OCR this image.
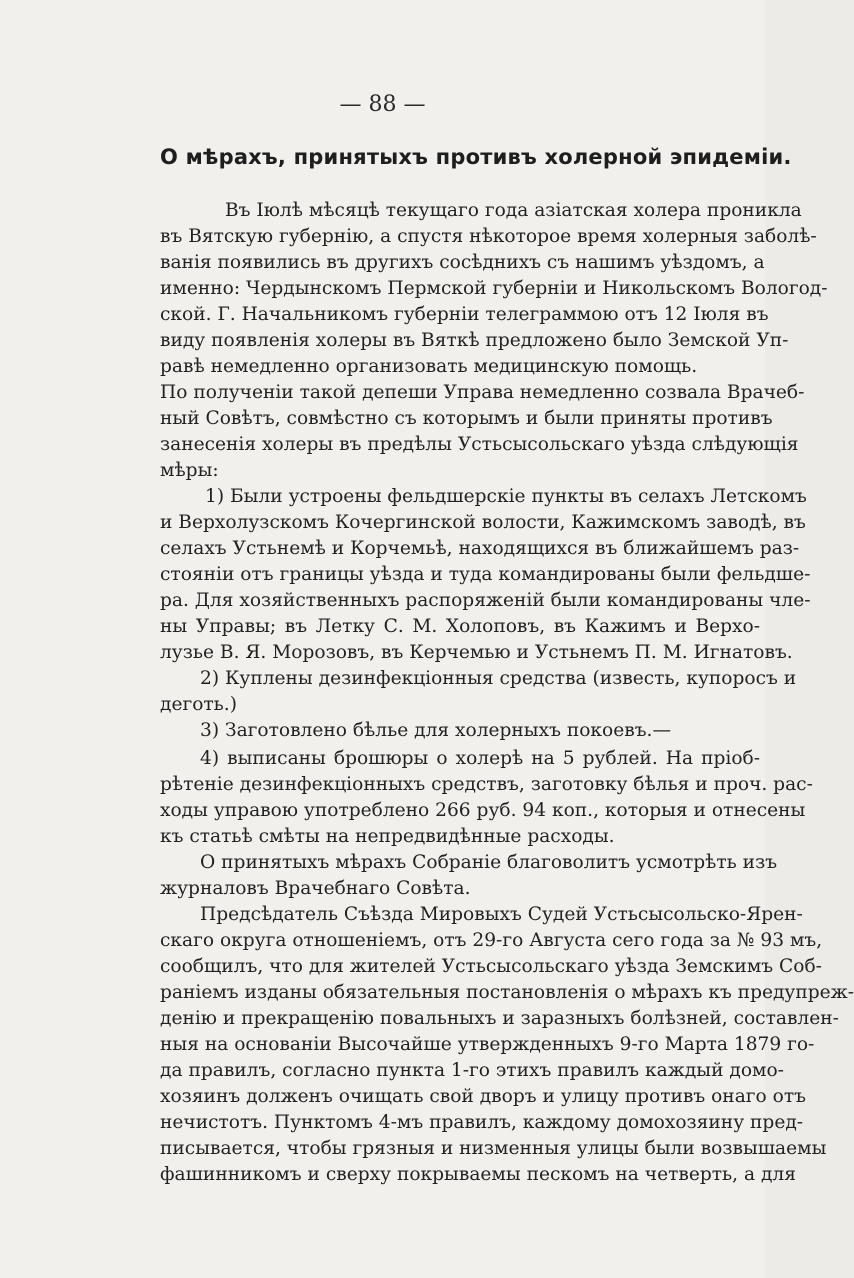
— 88 —
О мѣрахъ, принятыхъ противъ холерной эпидеміи.
Въ Іюлѣ мѣсяцѣ текущаго года азіатская холера проникла
въ Вятскую губернію, а спустя нѣкоторое время холерныя заболѣ-
ванія появились въ другихъ сосѣднихъ съ нашимъ уѣздомъ, а
именно: Чердынскомъ Пермской губерніи и Никольскомъ Вологод-
ской. Г. Начальникомъ губерніи телеграммою отъ 12 Іюля въ
виду появленія холеры въ Вяткѣ предложено было Земской Уп-
равѣ немедленно организовать медицинскую помощь.
По полученіи такой депеши Управа немедленно созвала Врачеб-
ный Совѣтъ, совмѣстно съ которымъ и были приняты противъ
занесенія холеры въ предѣлы Устьсысольскаго уѣзда слѣдующія
мѣры:
1) Были устроены фельдшерскіе пункты въ селахъ Летскомъ
и Верхолузскомъ Кочергинской волости, Кажимскомъ заводѣ, въ
селахъ Устьнемѣ и Корчемьѣ, находящихся въ ближайшемъ раз-
стояніи отъ границы уѣзда и туда командированы были фельдше-
ра. Для хозяйственныхъ распоряженій были командированы чле-
ны Управы; въ Летку С. М. Холоповъ, въ Кажимъ и Верхо-
лузье В. Я. Морозовъ, въ Керчемью и Устьнемъ П. М. Игнатовъ.
2) Куплены дезинфекціонныя средства (известь, купоросъ и
деготь.)
3) Заготовлено бѣлье для холерныхъ покоевъ.—
4) выписаны брошюры о холерѣ на 5 рублей. На пріоб-
рѣтеніе дезинфекціонныхъ средствъ, заготовку бѣлья и проч. рас-
ходы управою употреблено 266 руб. 94 коп., которыя и отнесены
къ статьѣ смѣты на непредвидѣнные расходы.
О принятыхъ мѣрахъ Собраніе благоволитъ усмотрѣть изъ
журналовъ Врачебнаго Совѣта.
Предсѣдатель Съѣзда Мировыхъ Судей Устьсысольско-Ярен-
скаго округа отношеніемъ, отъ 29-го Августа сего года за № 93 мъ,
сообщилъ, что для жителей Устьсысольскаго уѣзда Земскимъ Соб-
раніемъ изданы обязательныя постановленія о мѣрахъ къ предупреж-
денію и прекращенію повальныхъ и заразныхъ болѣзней, составлен-
ныя на основаніи Высочайше утвержденныхъ 9-го Марта 1879 го-
да правилъ, согласно пункта 1-го этихъ правилъ каждый домо-
хозяинъ долженъ очищать свой дворъ и улицу противъ онаго отъ
нечистотъ. Пунктомъ 4-мъ правилъ, каждому домохозяину пред-
писывается, чтобы грязныя и низменныя улицы были возвышаемы
фашинникомъ и сверху покрываемы пескомъ на четверть, а для
